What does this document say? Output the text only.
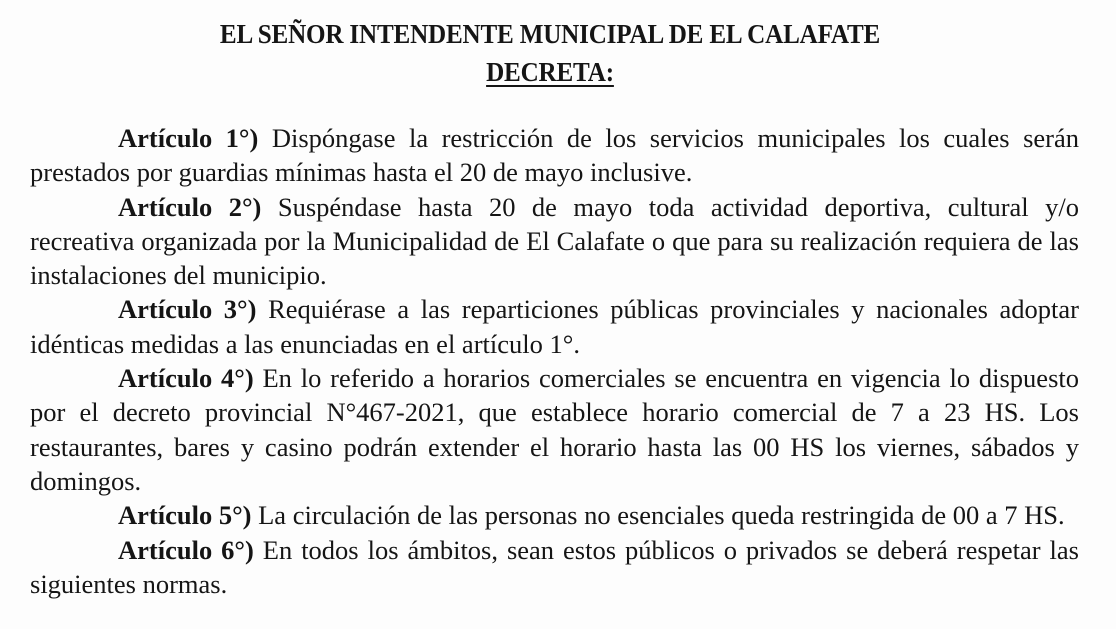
EL SEÑOR INTENDENTE MUNICIPAL DE EL CALAFATE
DECRETA:

Artículo 1°) Dispóngase la restricción de los servicios municipales los cuales serán prestados por guardias mínimas hasta el 20 de mayo inclusive.

Artículo 2°) Suspéndase hasta 20 de mayo toda actividad deportiva, cultural y/o recreativa organizada por la Municipalidad de El Calafate o que para su realización requiera de las instalaciones del municipio.

Artículo 3°) Requiérase a las reparticiones públicas provinciales y nacionales adoptar idénticas medidas a las enunciadas en el artículo 1°.

Artículo 4°) En lo referido a horarios comerciales se encuentra en vigencia lo dispuesto por el decreto provincial N°467-2021, que establece horario comercial de 7 a 23 HS. Los restaurantes, bares y casino podrán extender el horario hasta las 00 HS los viernes, sábados y domingos.

Artículo 5°) La circulación de las personas no esenciales queda restringida de 00 a 7 HS.

Artículo 6°) En todos los ámbitos, sean estos públicos o privados se deberá respetar las siguientes normas.
